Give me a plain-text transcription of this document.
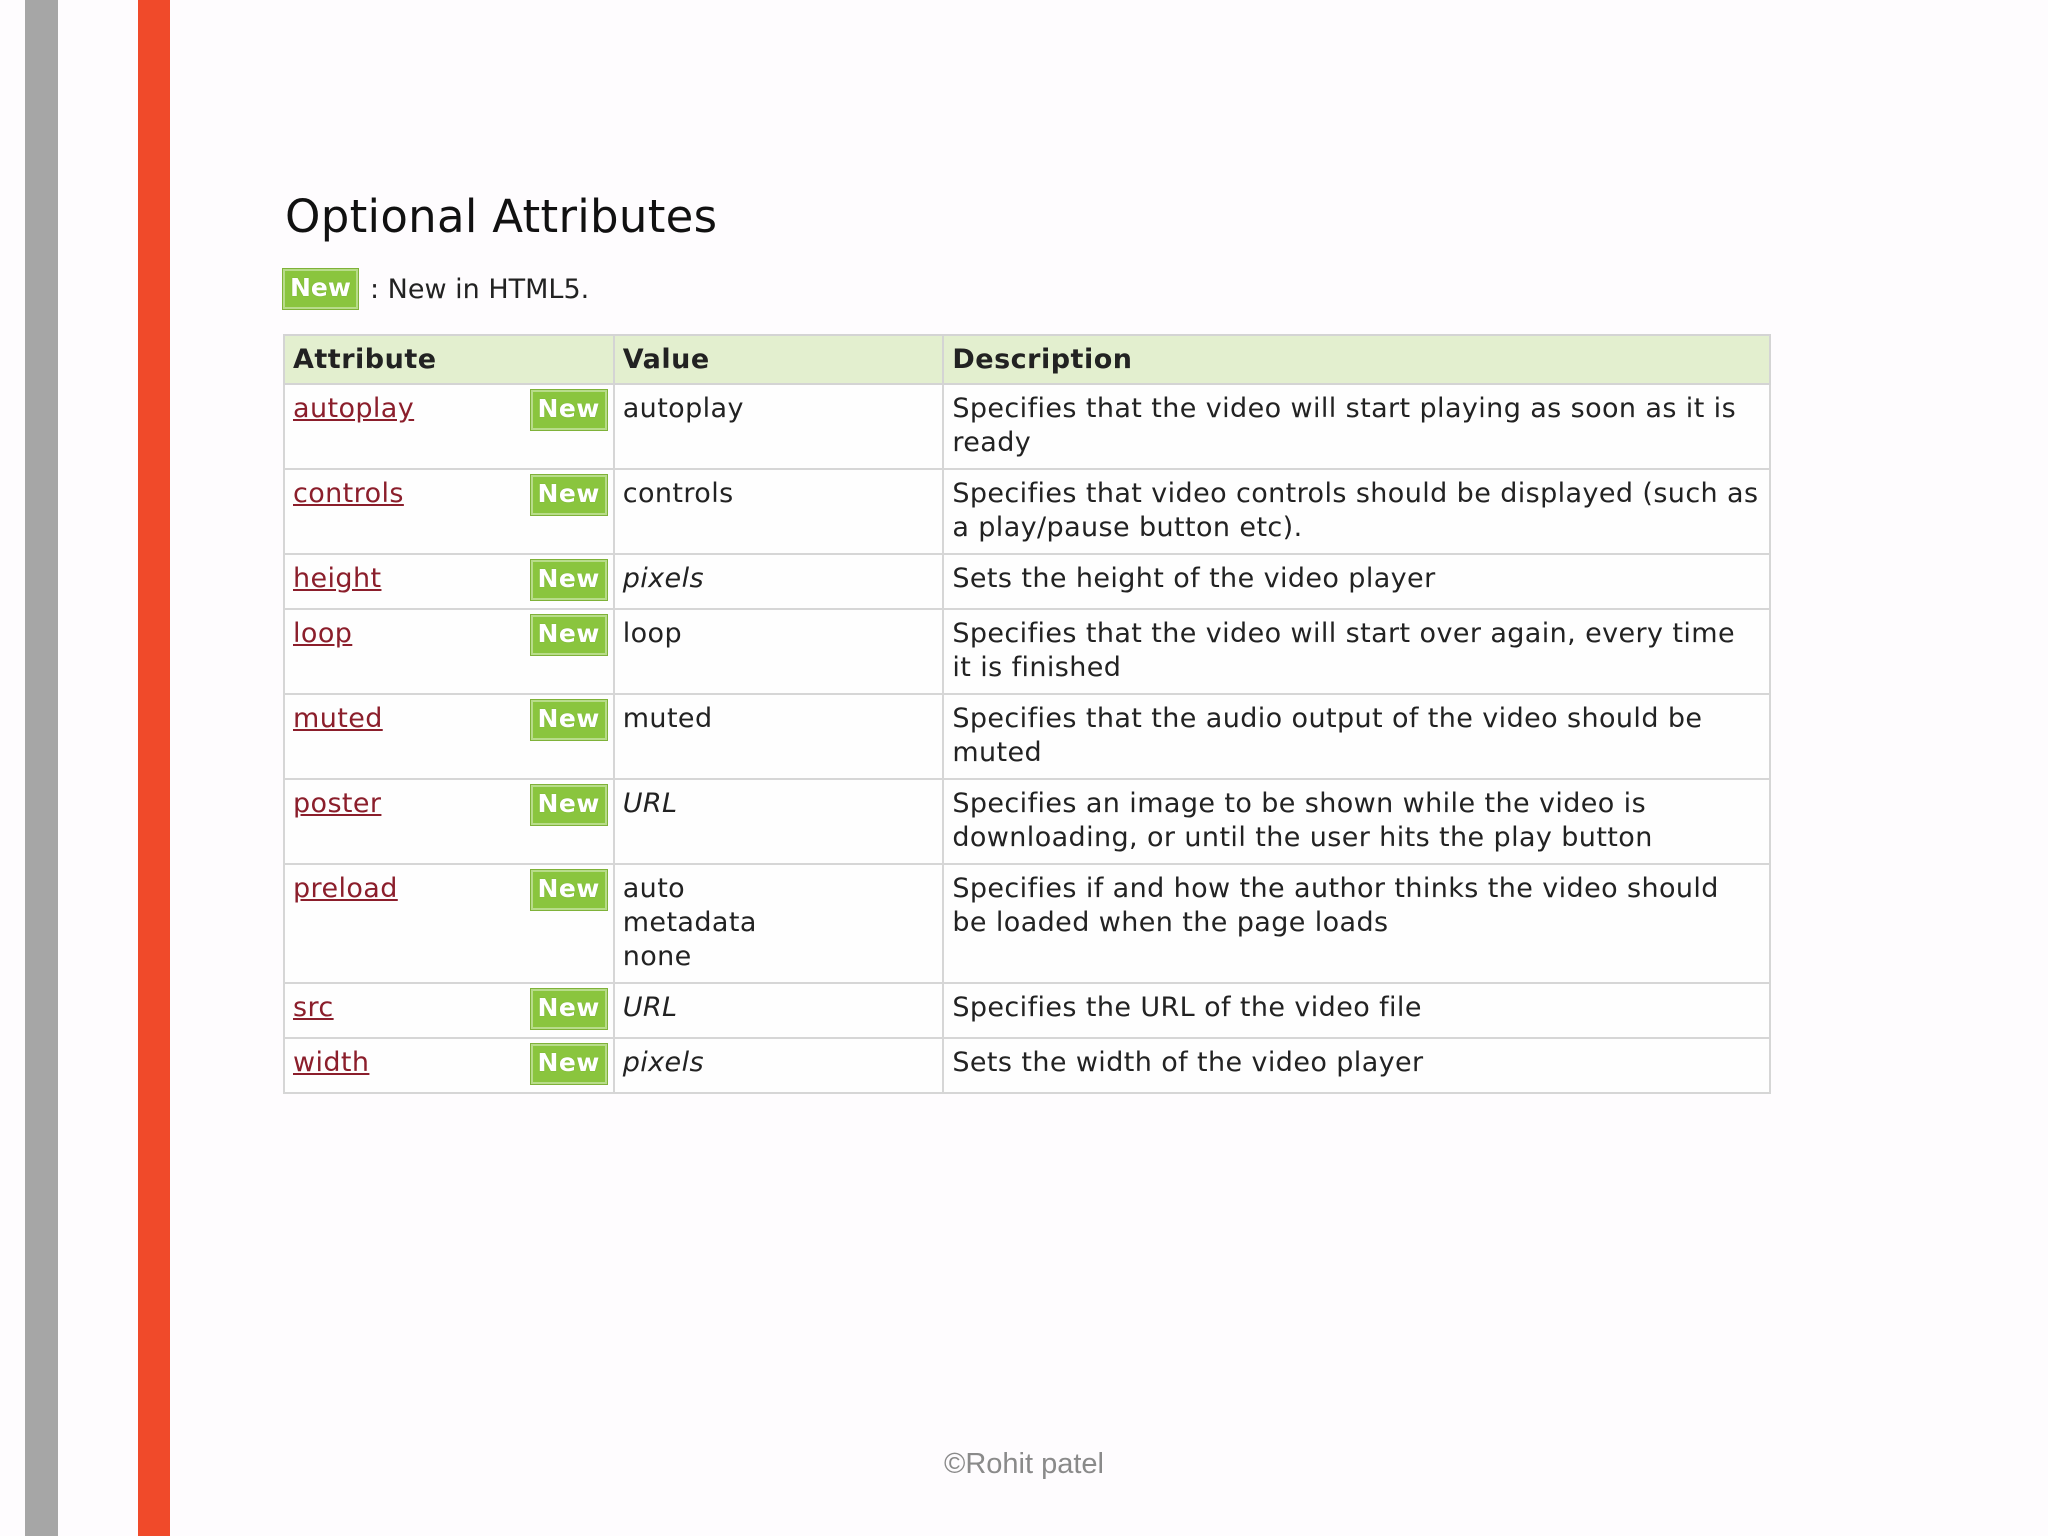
Optional Attributes
New : New in HTML5.
Attribute	Value	Description

autoplay New	autoplay	Specifies that the video will start playing as soon as it is ready

controls New	controls	Specifies that video controls should be displayed (such as a play/pause button etc).

height New	pixels	Sets the height of the video player

loop New	loop	Specifies that the video will start over again, every time it is finished

muted New	muted	Specifies that the audio output of the video should be muted

poster New	URL	Specifies an image to be shown while the video is downloading, or until the user hits the play button

preload New	auto
metadata
none	Specifies if and how the author thinks the video should be loaded when the page loads

src New	URL	Specifies the URL of the video file

width New	pixels	Sets the width of the video player
©Rohit patel
